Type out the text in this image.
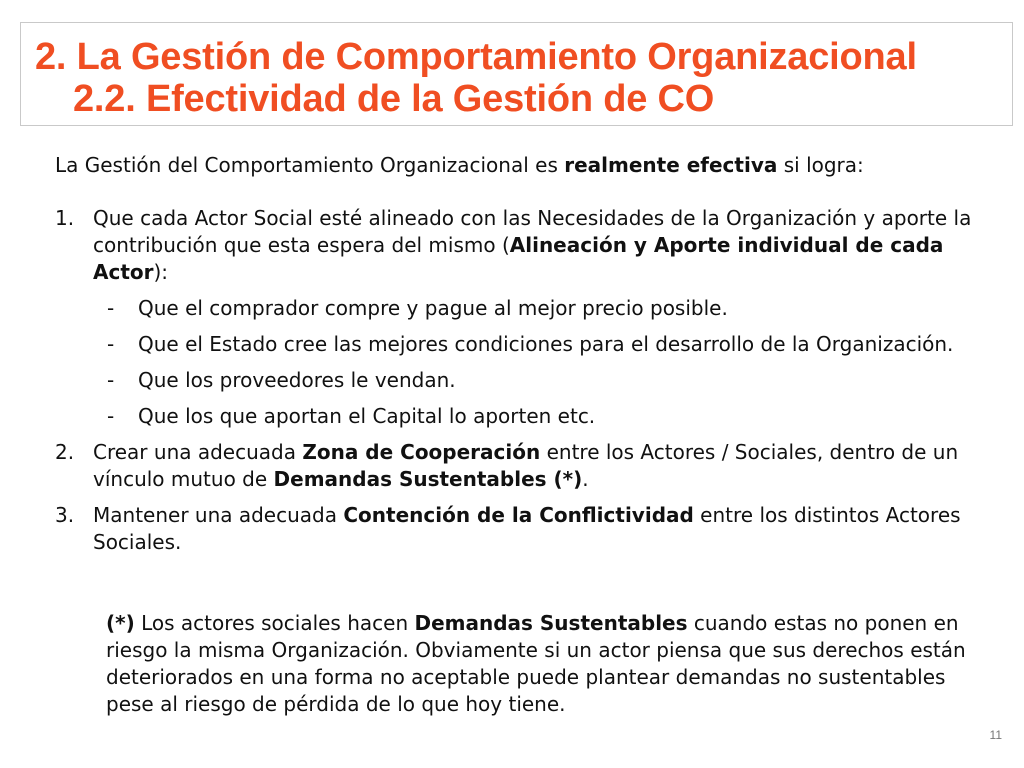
2. La Gestión de Comportamiento Organizacional
2.2. Efectividad de la Gestión de CO
La Gestión del Comportamiento Organizacional es realmente efectiva si logra:
1. Que cada Actor Social esté alineado con las Necesidades de la Organización y aporte la contribución que esta espera del mismo (Alineación y Aporte individual de cada Actor):
- Que el comprador compre y pague al mejor precio posible.
- Que el Estado cree las mejores condiciones para el desarrollo de la Organización.
- Que los proveedores le vendan.
- Que los que aportan el Capital lo aporten etc.
2. Crear una adecuada Zona de Cooperación entre los Actores / Sociales, dentro de un vínculo mutuo de Demandas Sustentables (*).
3. Mantener una adecuada Contención de la Conflictividad entre los distintos Actores Sociales.
(*) Los actores sociales hacen Demandas Sustentables cuando estas no ponen en riesgo la misma Organización. Obviamente si un actor piensa que sus derechos están deteriorados en una forma no aceptable puede plantear demandas no sustentables pese al riesgo de pérdida de lo que hoy tiene.
11
